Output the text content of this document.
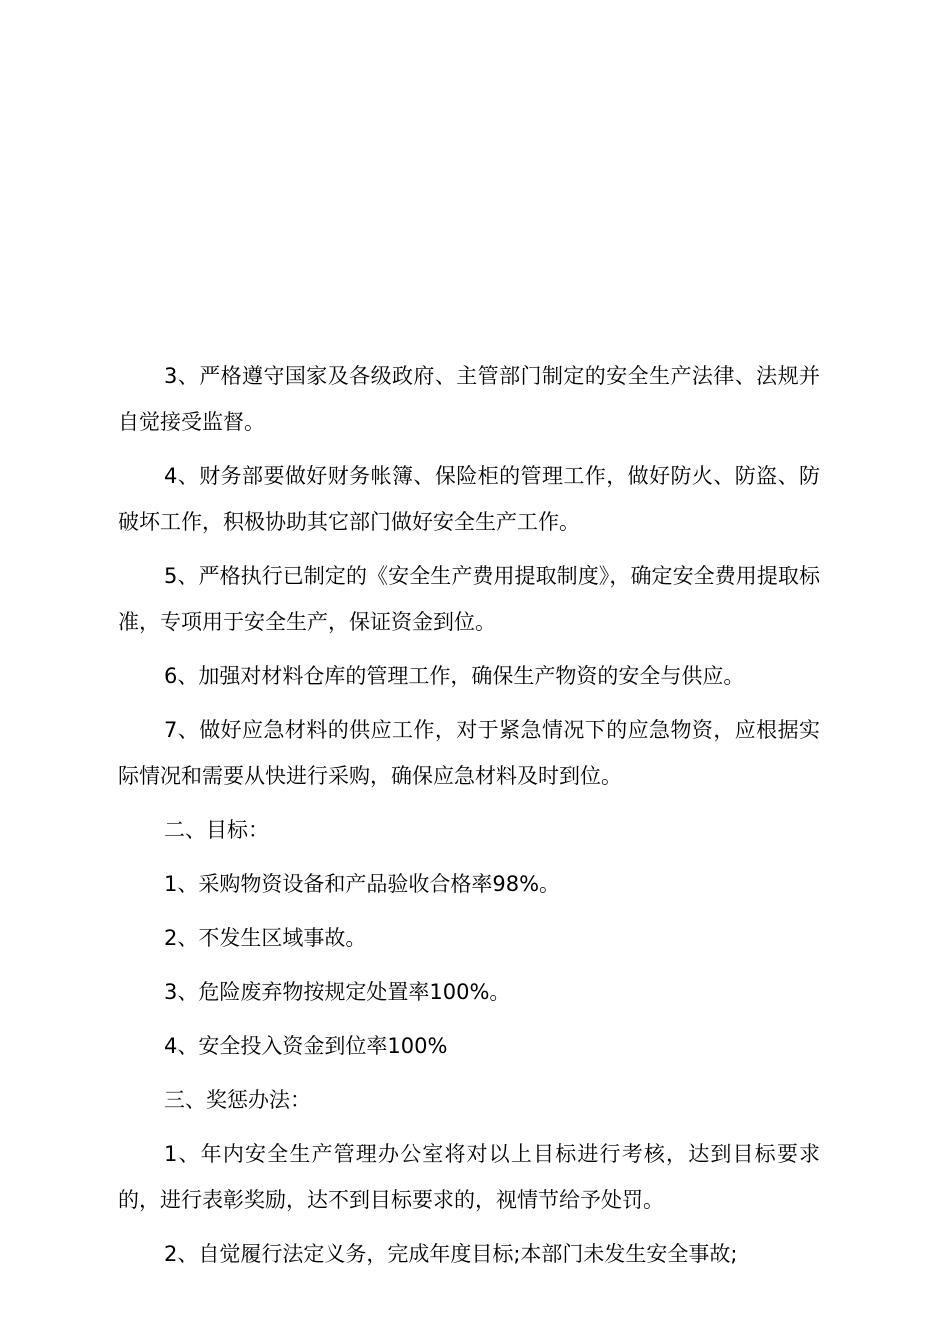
3、严格遵守国家及各级政府、主管部门制定的安全生产法律、法规并自觉接受监督。

4、财务部要做好财务帐簿、保险柜的管理工作，做好防火、防盗、防破坏工作，积极协助其它部门做好安全生产工作。

5、严格执行已制定的《安全生产费用提取制度》，确定安全费用提取标准，专项用于安全生产，保证资金到位。

6、加强对材料仓库的管理工作，确保生产物资的安全与供应。

7、做好应急材料的供应工作，对于紧急情况下的应急物资，应根据实际情况和需要从快进行采购，确保应急材料及时到位。

二、目标：

1、采购物资设备和产品验收合格率98%。

2、不发生区域事故。

3、危险废弃物按规定处置率100%。

4、安全投入资金到位率100%

三、奖惩办法：

1、年内安全生产管理办公室将对以上目标进行考核，达到目标要求的，进行表彰奖励，达不到目标要求的，视情节给予处罚。

2、自觉履行法定义务，完成年度目标;本部门未发生安全事故;
